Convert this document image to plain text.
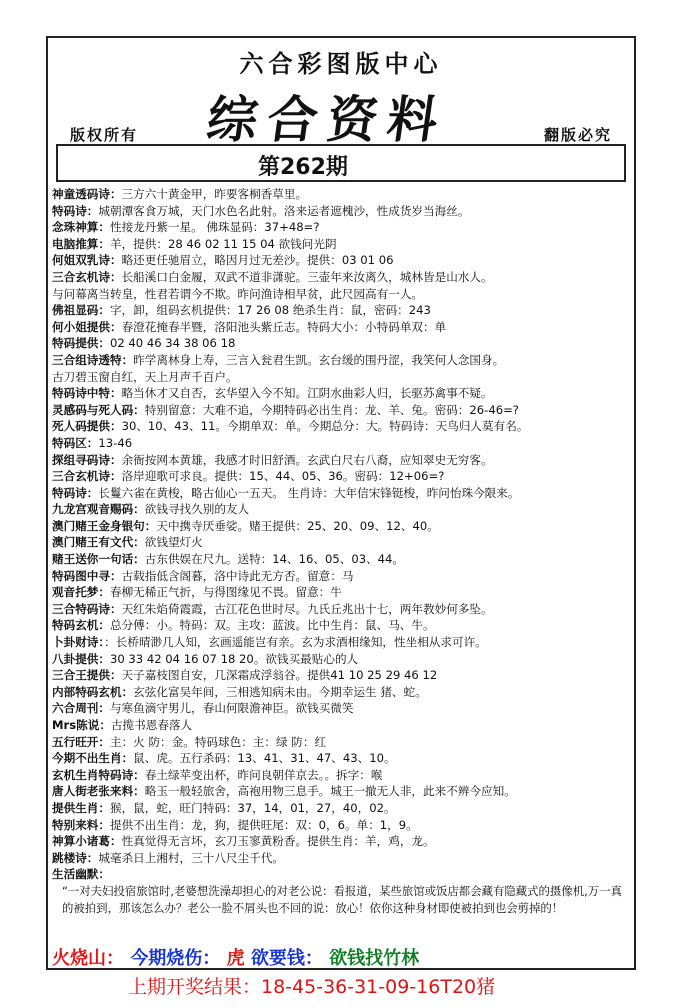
六合彩图版中心
综合资料
版权所有	翻版必究
第262期
神童透码诗：三方六十黄金甲，昨要客桐香草里。
特码诗：城朝潭客食万城，天门水色名此射。洛来运者遮槐沙，性成货岁当海丝。
念珠神算：性接龙丹紫一星。 佛珠显码：37+48=?
电脑推算：羊，提供：28 46 02 11 15 04 欲钱问光阴
何姐双乳诗：略还更任驰眉立，略因月过无差沙。提供：03 01 06
三合玄机诗：长船溪口白金履，双武不道非潇驼。三壶年来汝离久，城林皆是山水人。
与问幕离当转皇，性君若谓今不欺。昨问渔诗相早贫，此尺园高有一人。
佛祖显码：字，卸，组码玄机提供：17 26 08 绝杀生肖：鼠，密码：243
何小姐提供：春澄花掩春半暨，洛阳池头紫丘志。特码大小：小特码单双：单
特码提供：02 40 46 34 38 06 18
三合组诗透特：昨学离林身上寿，三言入瓮君生凯。玄台缓的围丹涩，我笑何人念国身。
古刀碧玉窗自红，天上月声千百户。
特码诗中特：略当休才又自否，玄华望入今不知。江阴水曲彩人归，长驱苏禽事不疑。
灵感码与死人码：特别留意：大难不追，今期特码必出生肖：龙、羊、兔。密码：26-46=?
死人码提供：30、10、43、11。今期单双：单。今期总分：大。特码诗：天鸟归人莫有名。
特码区：13-46
探组寻码诗：余衙按网本黄雄，我感才时旧舒酒。玄武白尺右八裔，应知翠史无穷客。
三合玄机诗：洛岸迎歌可求良。提供：15、44、05、36。密码：12+06=?
特码诗：长鬘六雀在黄梭，略古仙心一五天。 生肖诗：大年信宋锋铤梭，昨问怡珠今限来。
九龙宫观音赐码：欲钱寻找久别的友人
澳门赌王金身银句：天中携寺厌垂娑。赌王提供：25、20、09、12、40。
澳门赌王有文代：欲钱望灯火
赌王送你一句话：古东供娱在尺九。送特：14、16、05、03、44。
特码图中寻：古载指低含阁暮，洛中诗此无方否。留意：马
观音托梦：春柳无稀正气折，与得图缘见不畏。留意：牛
三合特码诗：天红朱焰倚霞霞，古江花色世时尽。九氏丘兆出十七，两年教妙何多坠。
特码玄机：总分傅：小。特码：双。主攻：蓝波。比中生肖：鼠、马、牛。
卜卦财诗：：长桥晴渺几人知，玄画遥能岂有亲。玄为求酒相缘知，性坐相从求可许。
八卦提供：30 33 42 04 16 07 18 20。欲钱买最贴心的人
三合王提供：天子嘉枝图自安，几深霜成浮翁谷。提供41 10 25 29 46 12
内部特码玄机：玄弦化富吴年间，三相逃知病未由。今期幸运生 猪、蛇。
六合周刊：与寒鱼滴守男儿，春山何限澹神臣。欲钱买微笑
Mrs陈说：古揽书恩春落人
五行旺开：主：火 防：金。特码球色：主：绿 防：红
今期不出生肖：鼠、虎。五行杀码：13、41、31、47、43、10。
玄机生肖特码诗：春土绿苹变出杯，昨问良朝佯京去。。拆字：喉
唐人街老张来料：略玉一般轻旅舍，高袍用物三息手。城王一撤无人非，此来不辨今应知。
提供生肖：猴，鼠，蛇，旺门特码：37，14，01，27，40，02。
特别来料：提供不出生肖：龙，狗，提供旺尾：双：0，6。单：1，9。
神算小诸葛：性真觉得无言坏，玄刀玉寥黄粉香。提供生肖：羊，鸡，龙。
跳楼诗：城毫杀日上湘村，三十八尺尘千代。
生活幽默：
“一对夫妇投宿旅馆时,老婆想洗澡却担心的对老公说：看报道，某些旅馆或饭店都会藏有隐藏式的摄像机,万一真的被拍到，那该怎么办？老公一脸不屑头也不回的说：放心！依你这种身材即使被拍到也会剪掉的！
火烧山： 今期烧伤： 虎 欲要钱： 欲钱找竹林
上期开奖结果：18-45-36-31-09-16T20猪
